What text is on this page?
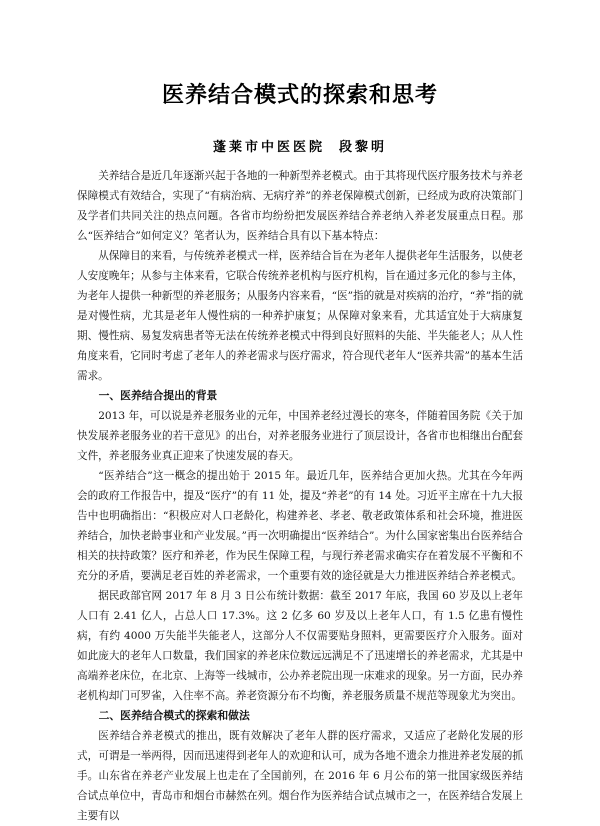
医养结合模式的探索和思考
蓬莱市中医医院 段黎明

关养结合是近几年逐渐兴起于各地的一种新型养老模式。由于其将现代医疗服务技术与养老保障模式有效结合，实现了“有病治病、无病疗养”的养老保障模式创新，已经成为政府决策部门及学者们共同关注的热点问题。各省市均纷纷把发展医养结合养老纳入养老发展重点日程。那么“医养结合”如何定义？笔者认为，医养结合具有以下基本特点：

从保障目的来看，与传统养老模式一样，医养结合旨在为老年人提供老年生活服务，以使老人安度晚年；从参与主体来看，它联合传统养老机构与医疗机构，旨在通过多元化的参与主体，为老年人提供一种新型的养老服务；从服务内容来看，“医”指的就是对疾病的治疗，“养”指的就是对慢性病，尤其是老年人慢性病的一种养护康复；从保障对象来看，尤其适宜处于大病康复期、慢性病、易复发病患者等无法在传统养老模式中得到良好照料的失能、半失能老人；从人性角度来看，它同时考虑了老年人的养老需求与医疗需求，符合现代老年人“医养共需”的基本生活需求。

一、医养结合提出的背景

2013 年，可以说是养老服务业的元年，中国养老经过漫长的寒冬，伴随着国务院《关于加快发展养老服务业的若干意见》的出台，对养老服务业进行了顶层设计，各省市也相继出台配套文件，养老服务业真正迎来了快速发展的春天。

“医养结合”这一概念的提出始于 2015 年。最近几年，医养结合更加火热。尤其在今年两会的政府工作报告中，提及“医疗”的有 11 处，提及“养老”的有 14 处。习近平主席在十九大报告中也明确指出：“积极应对人口老龄化，构建养老、孝老、敬老政策体系和社会环境，推进医养结合，加快老龄事业和产业发展。”再一次明确提出“医养结合”。为什么国家密集出台医养结合相关的扶持政策？医疗和养老，作为民生保障工程，与现行养老需求确实存在着发展不平衡和不充分的矛盾，要满足老百姓的养老需求，一个重要有效的途径就是大力推进医养结合养老模式。

据民政部官网 2017 年 8 月 3 日公布统计数据：截至 2017 年底，我国 60 岁及以上老年人口有 2.41 亿人，占总人口 17.3%。这 2 亿多 60 岁及以上老年人口，有 1.5 亿患有慢性病，有约 4000 万失能半失能老人，这部分人不仅需要贴身照料，更需要医疗介入服务。面对如此庞大的老年人口数量，我们国家的养老床位数远远满足不了迅速增长的养老需求，尤其是中高端养老床位，在北京、上海等一线城市，公办养老院出现一床难求的现象。另一方面，民办养老机构却门可罗雀，入住率不高。养老资源分布不均衡，养老服务质量不规范等现象尤为突出。

二、医养结合模式的探索和做法

医养结合养老模式的推出，既有效解决了老年人群的医疗需求，又适应了老龄化发展的形式，可谓是一举两得，因而迅速得到老年人的欢迎和认可，成为各地不遗余力推进养老发展的抓手。山东省在养老产业发展上也走在了全国前列，在 2016 年 6 月公布的第一批国家级医养结合试点单位中，青岛市和烟台市赫然在列。烟台作为医养结合试点城市之一，在医养结合发展上主要有以
